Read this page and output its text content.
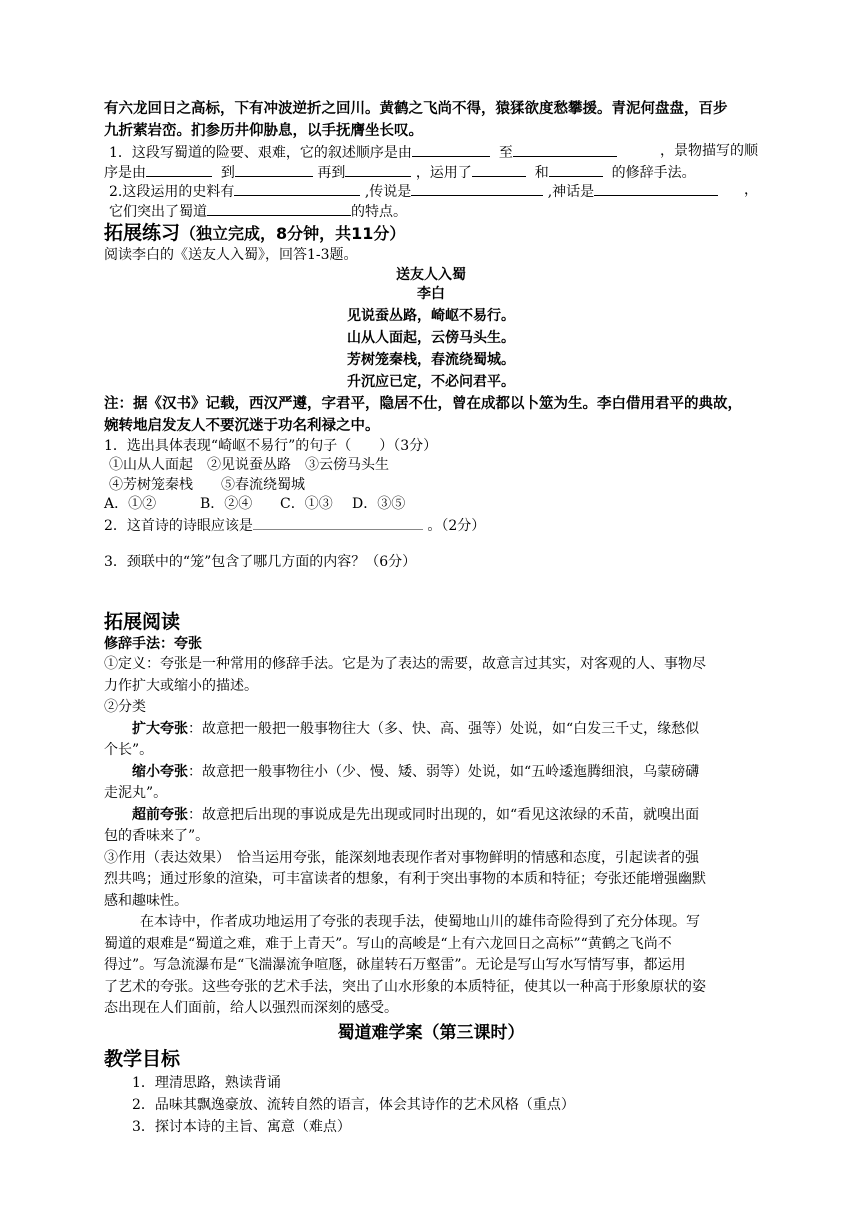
有六龙回日之高标，下有冲波逆折之回川。黄鹤之飞尚不得，猿猱欲度愁攀援。青泥何盘盘，百步
九折萦岩峦。扪参历井仰胁息，以手抚膺坐长叹。
1．这段写蜀道的险要、艰难，它的叙述顺序是由	至	，景物描写的顺
序是由	到	再到	，运用了	和	的修辞手法。
2.这段运用的史料有	,传说是	,神话是	，
它们突出了蜀道	的特点。
拓展练习（独立完成，8分钟，共11分）
阅读李白的《送友人入蜀》，回答1-3题。
送友人入蜀
李白
见说蚕丛路，崎岖不易行。
山从人面起，云傍马头生。
芳树笼秦栈，春流绕蜀城。
升沉应已定，不必问君平。
注：据《汉书》记载，西汉严遵，字君平，隐居不仕，曾在成都以卜筮为生。李白借用君平的典故，
婉转地启发友人不要沉迷于功名利禄之中。
1．选出具体表现“崎岖不易行”的句子（　　）（3分）
①山从人面起　②见说蚕丛路　③云傍马头生
④芳树笼秦栈　　⑤春流绕蜀城
A．①②	B．②④ C．①③ D．③⑤
2．这首诗的诗眼应该是	。（2分）
3．颈联中的“笼”包含了哪几方面的内容？（6分）
拓展阅读
修辞手法：夸张
①定义：夸张是一种常用的修辞手法。它是为了表达的需要，故意言过其实，对客观的人、事物尽
力作扩大或缩小的描述。
②分类
扩大夸张：故意把一般把一般事物往大（多、快、高、强等）处说，如“白发三千丈，缘愁似
个长”。
缩小夸张：故意把一般事物往小（少、慢、矮、弱等）处说，如“五岭逶迤腾细浪，乌蒙磅礴
走泥丸”。
超前夸张：故意把后出现的事说成是先出现或同时出现的，如“看见这浓绿的禾苗，就嗅出面
包的香味来了”。
③作用（表达效果）　恰当运用夸张，能深刻地表现作者对事物鲜明的情感和态度，引起读者的强
烈共鸣；通过形象的渲染，可丰富读者的想象，有利于突出事物的本质和特征；夸张还能增强幽默
感和趣味性。
在本诗中，作者成功地运用了夸张的表现手法，使蜀地山川的雄伟奇险得到了充分体现。写
蜀道的艰难是“蜀道之难，难于上青天”。写山的高峻是“上有六龙回日之高标”“黄鹤之飞尚不
得过”。写急流瀑布是“飞湍瀑流争喧豗，砯崖转石万壑雷”。无论是写山写水写情写事，都运用
了艺术的夸张。这些夸张的艺术手法，突出了山水形象的本质特征，使其以一种高于形象原状的姿
态出现在人们面前，给人以强烈而深刻的感受。
蜀道难学案（第三课时）
教学目标
1．理清思路，熟读背诵
2．品味其飘逸豪放、流转自然的语言，体会其诗作的艺术风格（重点）
3．探讨本诗的主旨、寓意（难点）
